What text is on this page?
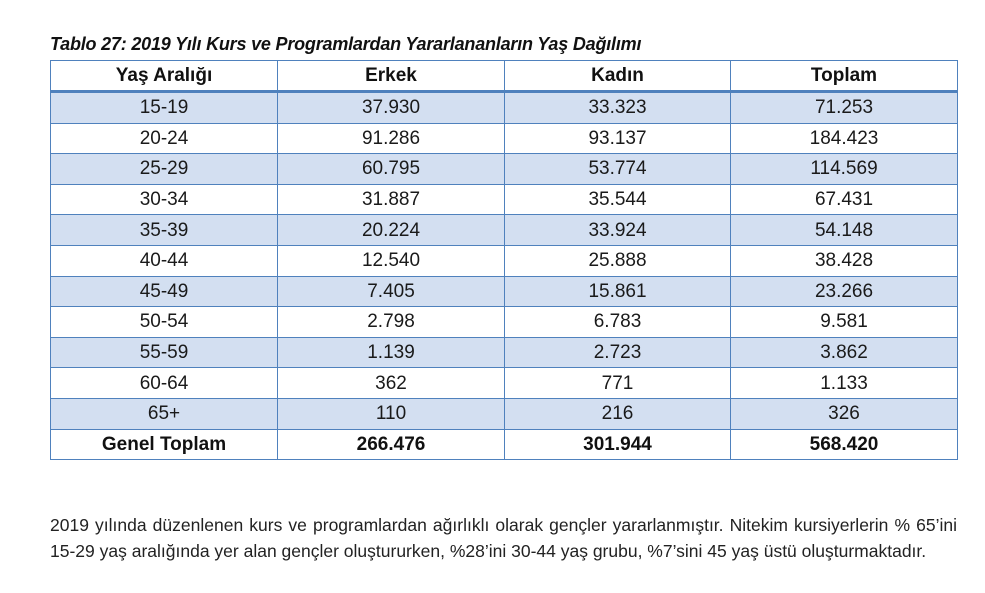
Tablo 27: 2019 Yılı Kurs ve Programlardan Yararlananların Yaş Dağılımı
Yaş Aralığı	Erkek	Kadın	Toplam
15-19	37.930	33.323	71.253
20-24	91.286	93.137	184.423
25-29	60.795	53.774	114.569
30-34	31.887	35.544	67.431
35-39	20.224	33.924	54.148
40-44	12.540	25.888	38.428
45-49	7.405	15.861	23.266
50-54	2.798	6.783	9.581
55-59	1.139	2.723	3.862
60-64	362	771	1.133
65+	110	216	326
Genel Toplam	266.476	301.944	568.420

2019 yılında düzenlenen kurs ve programlardan ağırlıklı olarak gençler yararlanmıştır. Nitekim kursiyerlerin % 65’ini 15-29 yaş aralığında yer alan gençler oluştururken, %28’ini 30-44 yaş grubu, %7’sini 45 yaş üstü oluşturmaktadır.
